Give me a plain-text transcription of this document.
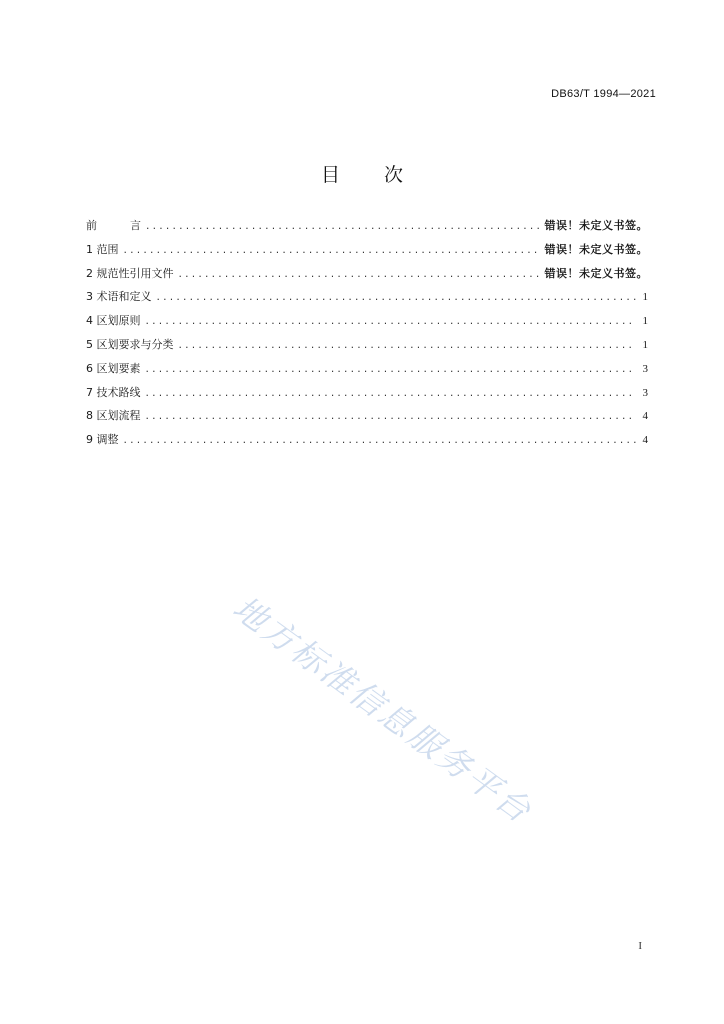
DB63/T 1994—2021
目 次
前　　　言 .....	错误！未定义书签。
1 范围 .....	错误！未定义书签。
2 规范性引用文件 .....	错误！未定义书签。
3 术语和定义 .....	1
4 区划原则 .....	1
5 区划要求与分类 .....	1
6 区划要素 .....	3
7 技术路线 .....	3
8 区划流程 .....	4
9 调整 .....	4
地方标准信息服务平台
I
